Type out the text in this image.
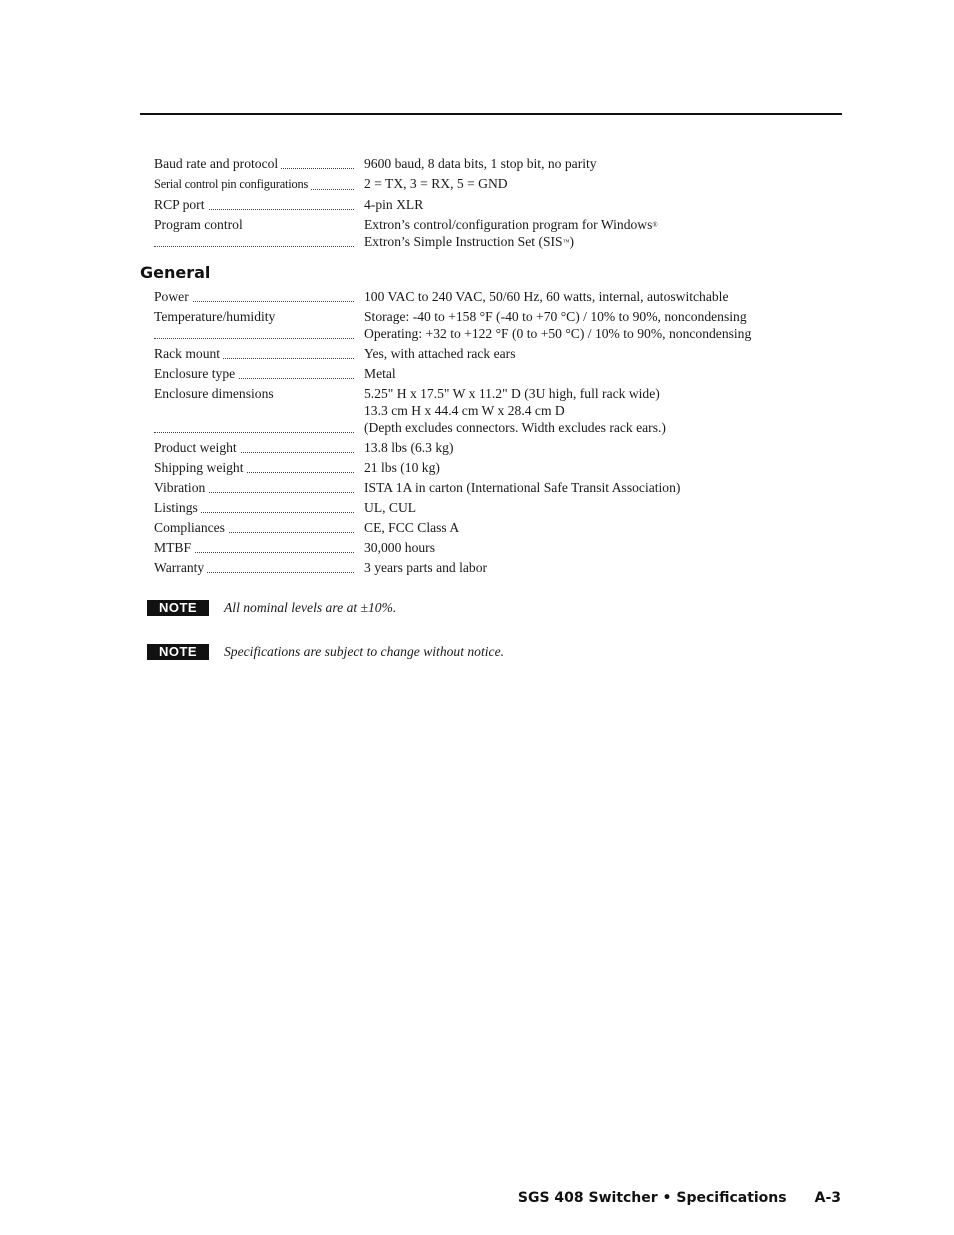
Baud rate and protocol	9600 baud, 8 data bits, 1 stop bit, no parity
Serial control pin configurations	2 = TX, 3 = RX, 5 = GND
RCP port	4-pin XLR
Program control	Extron’s control/configuration program for Windows®
Extron’s Simple Instruction Set (SIS™)
General
Power	100 VAC to 240 VAC, 50/60 Hz, 60 watts, internal, autoswitchable
Temperature/humidity	Storage: -40 to +158 °F (-40 to +70 °C) / 10% to 90%, noncondensing
Operating: +32 to +122 °F (0 to +50 °C) / 10% to 90%, noncondensing
Rack mount	Yes, with attached rack ears
Enclosure type	Metal
Enclosure dimensions	5.25" H x 17.5" W x 11.2" D (3U high, full rack wide)
13.3 cm H x 44.4 cm W x 28.4 cm D
(Depth excludes connectors. Width excludes rack ears.)
Product weight	13.8 lbs (6.3 kg)
Shipping weight	21 lbs (10 kg)
Vibration	ISTA 1A in carton (International Safe Transit Association)
Listings	UL, CUL
Compliances	CE, FCC Class A
MTBF	30,000 hours
Warranty	3 years parts and labor
NOTE	All nominal levels are at ±10%.
NOTE	Specifications are subject to change without notice.
SGS 408 Switcher • Specifications A-3
